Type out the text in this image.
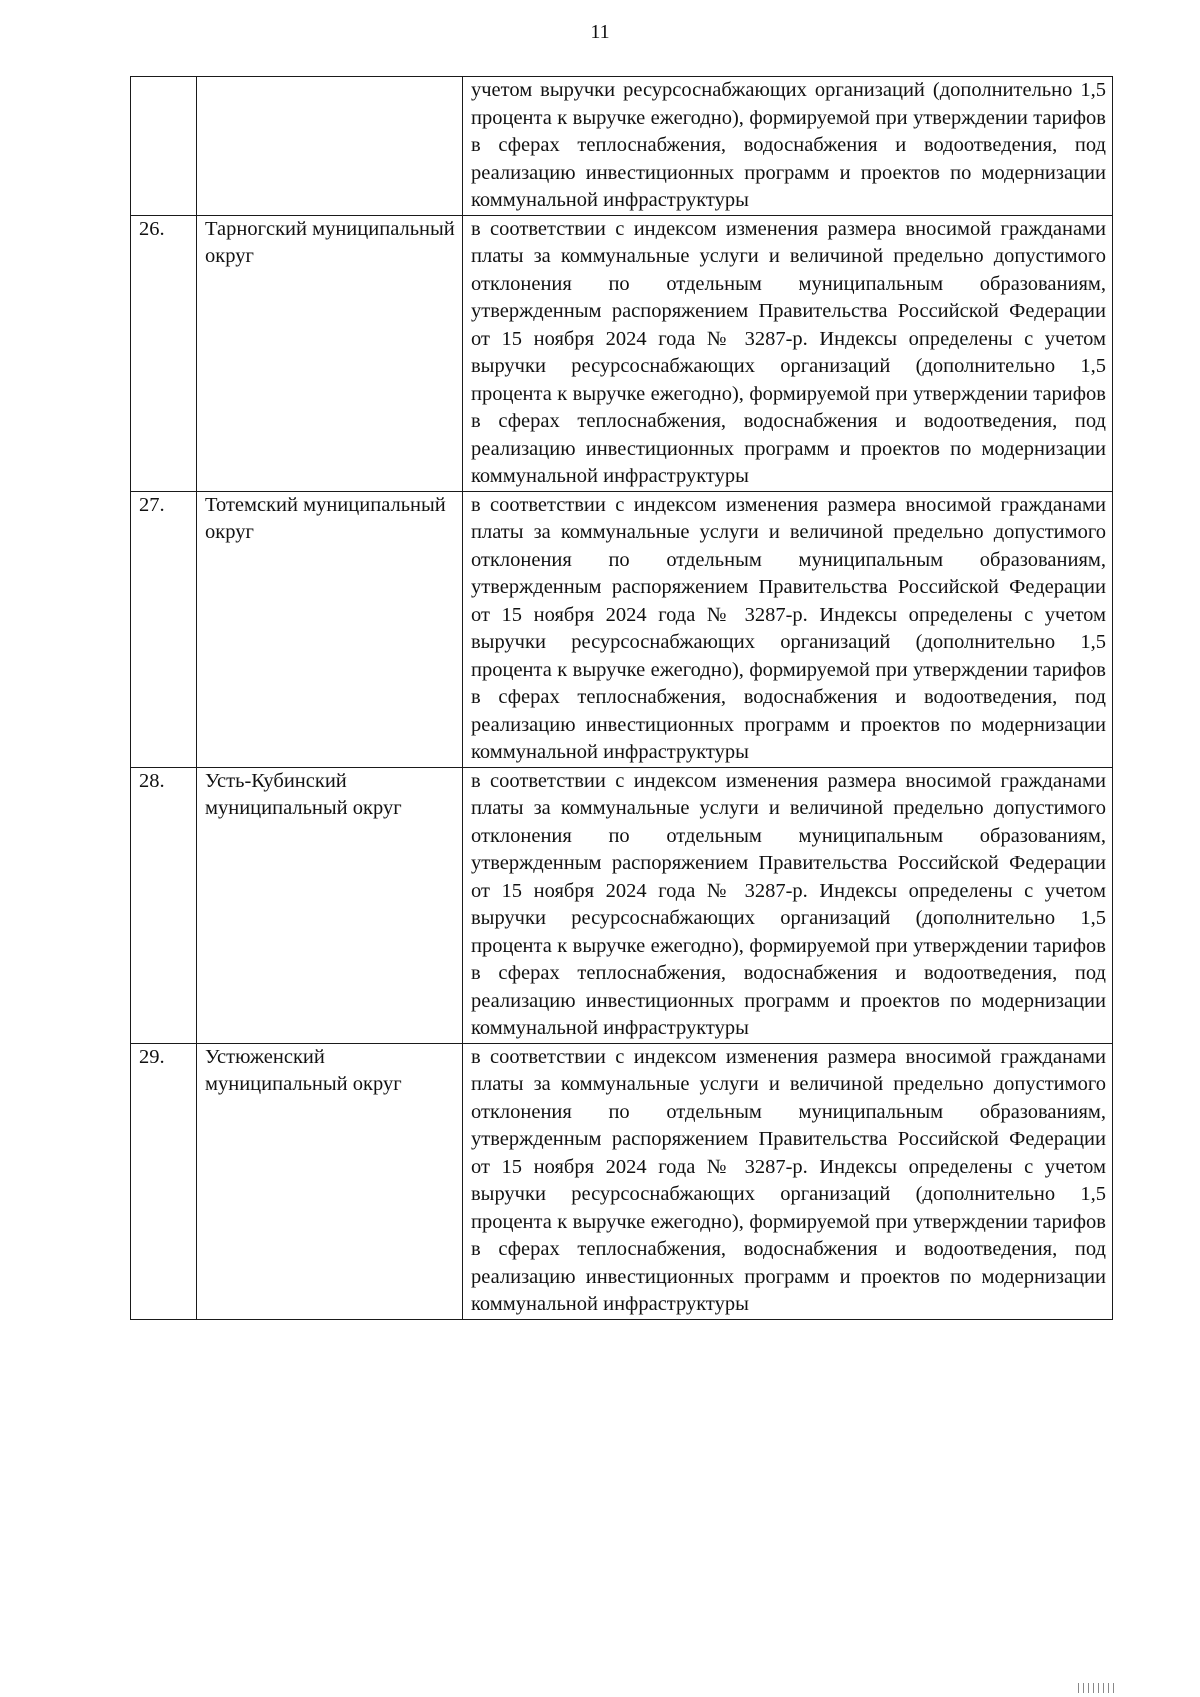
11
		учетом выручки ресурсоснабжающих организаций (дополнительно 1,5 процента к выручке ежегодно), формируемой при утверждении тарифов в сферах теплоснабжения, водоснабжения и водоотведения, под реализацию инвестиционных программ и проектов по модернизации коммунальной инфраструктуры
26.	Тарногский муниципальный округ	в соответствии с индексом изменения размера вносимой гражданами платы за коммунальные услуги и величиной предельно допустимого отклонения по отдельным муниципальным образованиям, утвержденным распоряжением Правительства Российской Федерации от 15 ноября 2024 года № 3287-р. Индексы определены с учетом выручки ресурсоснабжающих организаций (дополнительно 1,5 процента к выручке ежегодно), формируемой при утверждении тарифов в сферах теплоснабжения, водоснабжения и водоотведения, под реализацию инвестиционных программ и проектов по модернизации коммунальной инфраструктуры
27.	Тотемский муниципальный округ	в соответствии с индексом изменения размера вносимой гражданами платы за коммунальные услуги и величиной предельно допустимого отклонения по отдельным муниципальным образованиям, утвержденным распоряжением Правительства Российской Федерации от 15 ноября 2024 года № 3287-р. Индексы определены с учетом выручки ресурсоснабжающих организаций (дополнительно 1,5 процента к выручке ежегодно), формируемой при утверждении тарифов в сферах теплоснабжения, водоснабжения и водоотведения, под реализацию инвестиционных программ и проектов по модернизации коммунальной инфраструктуры
28.	Усть-Кубинский муниципальный округ	в соответствии с индексом изменения размера вносимой гражданами платы за коммунальные услуги и величиной предельно допустимого отклонения по отдельным муниципальным образованиям, утвержденным распоряжением Правительства Российской Федерации от 15 ноября 2024 года № 3287-р. Индексы определены с учетом выручки ресурсоснабжающих организаций (дополнительно 1,5 процента к выручке ежегодно), формируемой при утверждении тарифов в сферах теплоснабжения, водоснабжения и водоотведения, под реализацию инвестиционных программ и проектов по модернизации коммунальной инфраструктуры
29.	Устюженский муниципальный округ	в соответствии с индексом изменения размера вносимой гражданами платы за коммунальные услуги и величиной предельно допустимого отклонения по отдельным муниципальным образованиям, утвержденным распоряжением Правительства Российской Федерации от 15 ноября 2024 года № 3287-р. Индексы определены с учетом выручки ресурсоснабжающих организаций (дополнительно 1,5 процента к выручке ежегодно), формируемой при утверждении тарифов в сферах теплоснабжения, водоснабжения и водоотведения, под реализацию инвестиционных программ и проектов по модернизации коммунальной инфраструктуры
